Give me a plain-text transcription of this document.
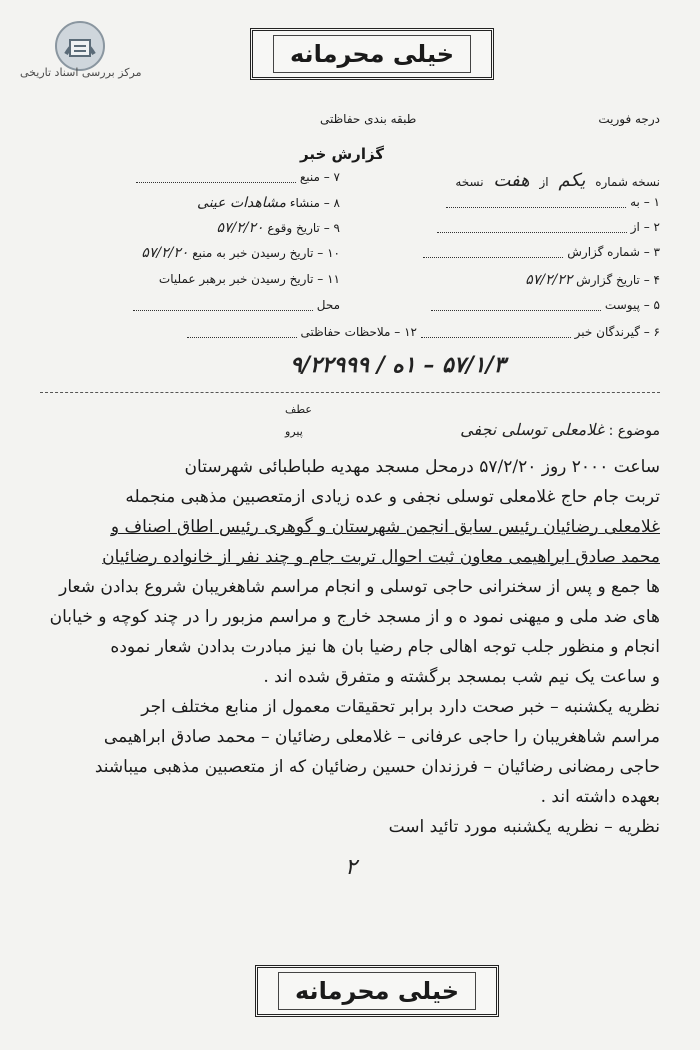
خیلی محرمانه
مرکز بررسی اسناد تاریخی
طبقه بندی حفاظتی	درجه فوریت
گزارش خبر
نسخه شماره یکم از هفت نسخه
۷ – منبع
۸ – منشاء مشاهدات عینی
۹ – تاریخ وقوع ۵۷/۲/۲۰
۱۰ – تاریخ رسیدن خبر به منبع ۵۷/۲/۲۰
۱۱ – تاریخ رسیدن خبر برهبر عملیات
محل
۱ – به
۲ – از
۳ – شماره گزارش
۴ – تاریخ گزارش ۵۷/۲/۲۲
۵ – پیوست
۶ – گیرندگان خبر  ۱۲ – ملاحظات حفاظتی
۵۷/۱/۳ – ۱ه / ۹/۲۲۹۹۹
عطف
پیرو	موضوع : غلامعلی توسلی نجفی
ساعت ۲۰۰۰ روز ۵۷/۲/۲۰ درمحل مسجد مهدیه طباطبائی شهرستان
تربت جام حاج غلامعلی توسلی نجفی و عده زیادی ازمتعصبین مذهبی منجمله
غلامعلی رضائیان رئیس سابق انجمن شهرستان و گوهری رئیس اطاق اصناف و
محمد صادق ابراهیمی معاون ثبت احوال تربت جام و چند نفر از خانواده رضائیان
ها جمع و پس از سخنرانی حاجی توسلی و انجام مراسم شاهغریبان شروع بدادن شعار
های ضد ملی و میهنی نمود ه و از مسجد خارج و مراسم مزبور را در چند کوچه و خیابان
انجام و منظور جلب توجه اهالی جام رضیا بان ها نیز مبادرت بدادن شعار نموده
و ساعت یک نیم شب بمسجد برگشته و متفرق شده اند .
نظریه یکشنبه – خبر صحت دارد برابر تحقیقات معمول از منابع مختلف اجر
مراسم شاهغریبان را حاجی عرفانی – غلامعلی رضائیان – محمد صادق ابراهیمی
حاجی رمضانی رضائیان – فرزندان حسین رضائیان که از متعصبین مذهبی میباشند
بعهده داشته اند .
نظریه – نظریه یکشنبه مورد تائید است
۲
خیلی محرمانه
